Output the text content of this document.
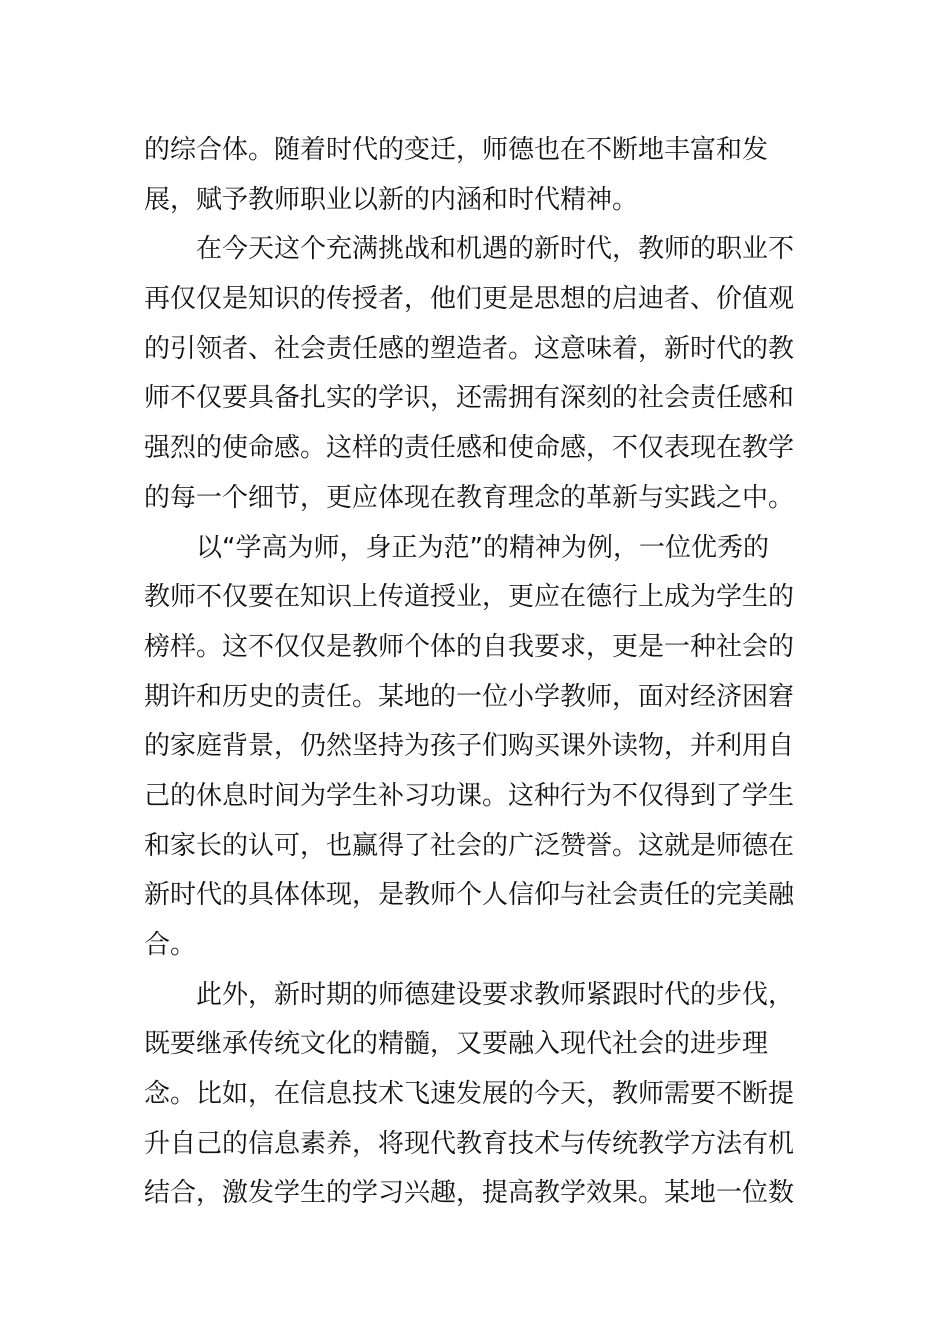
的综合体。随着时代的变迁，师德也在不断地丰富和发
展，赋予教师职业以新的内涵和时代精神。
在今天这个充满挑战和机遇的新时代，教师的职业不
再仅仅是知识的传授者，他们更是思想的启迪者、价值观
的引领者、社会责任感的塑造者。这意味着，新时代的教
师不仅要具备扎实的学识，还需拥有深刻的社会责任感和
强烈的使命感。这样的责任感和使命感，不仅表现在教学
的每一个细节，更应体现在教育理念的革新与实践之中。
以“学高为师，身正为范”的精神为例，一位优秀的
教师不仅要在知识上传道授业，更应在德行上成为学生的
榜样。这不仅仅是教师个体的自我要求，更是一种社会的
期许和历史的责任。某地的一位小学教师，面对经济困窘
的家庭背景，仍然坚持为孩子们购买课外读物，并利用自
己的休息时间为学生补习功课。这种行为不仅得到了学生
和家长的认可，也赢得了社会的广泛赞誉。这就是师德在
新时代的具体体现，是教师个人信仰与社会责任的完美融
合。
此外，新时期的师德建设要求教师紧跟时代的步伐，
既要继承传统文化的精髓，又要融入现代社会的进步理
念。比如，在信息技术飞速发展的今天，教师需要不断提
升自己的信息素养，将现代教育技术与传统教学方法有机
结合，激发学生的学习兴趣，提高教学效果。某地一位数
